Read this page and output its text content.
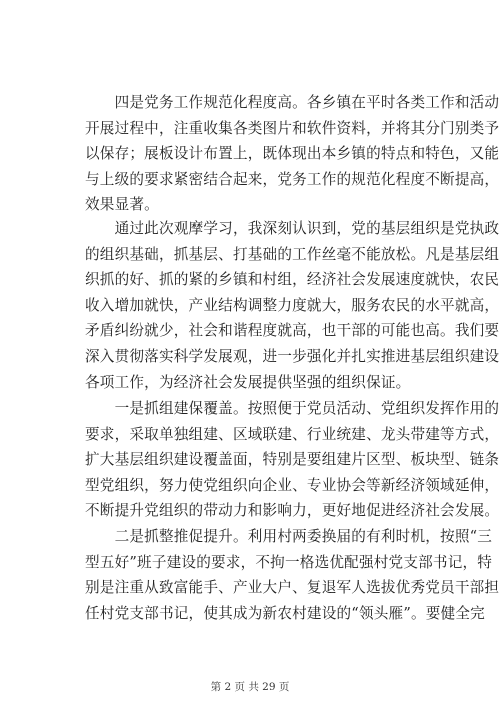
　　四是党务工作规范化程度高。各乡镇在平时各类工作和活动
开展过程中，注重收集各类图片和软件资料，并将其分门别类予
以保存；展板设计布置上，既体现出本乡镇的特点和特色，又能
与上级的要求紧密结合起来，党务工作的规范化程度不断提高，
效果显著。
　　通过此次观摩学习，我深刻认识到，党的基层组织是党执政
的组织基础，抓基层、打基础的工作丝毫不能放松。凡是基层组
织抓的好、抓的紧的乡镇和村组，经济社会发展速度就快，农民
收入增加就快，产业结构调整力度就大，服务农民的水平就高，
矛盾纠纷就少，社会和谐程度就高，也干部的可能也高。我们要
深入贯彻落实科学发展观，进一步强化并扎实推进基层组织建设
各项工作，为经济社会发展提供坚强的组织保证。
　　一是抓组建保覆盖。按照便于党员活动、党组织发挥作用的
要求，采取单独组建、区域联建、行业统建、龙头带建等方式，
扩大基层组织建设覆盖面，特别是要组建片区型、板块型、链条
型党组织，努力使党组织向企业、专业协会等新经济领域延伸，
不断提升党组织的带动力和影响力，更好地促进经济社会发展。
　　二是抓整推促提升。利用村两委换届的有利时机，按照“三
型五好”班子建设的要求，不拘一格选优配强村党支部书记，特
别是注重从致富能手、产业大户、复退军人选拔优秀党员干部担
任村党支部书记，使其成为新农村建设的“领头雁”。要健全完
第 2 页 共 29 页
